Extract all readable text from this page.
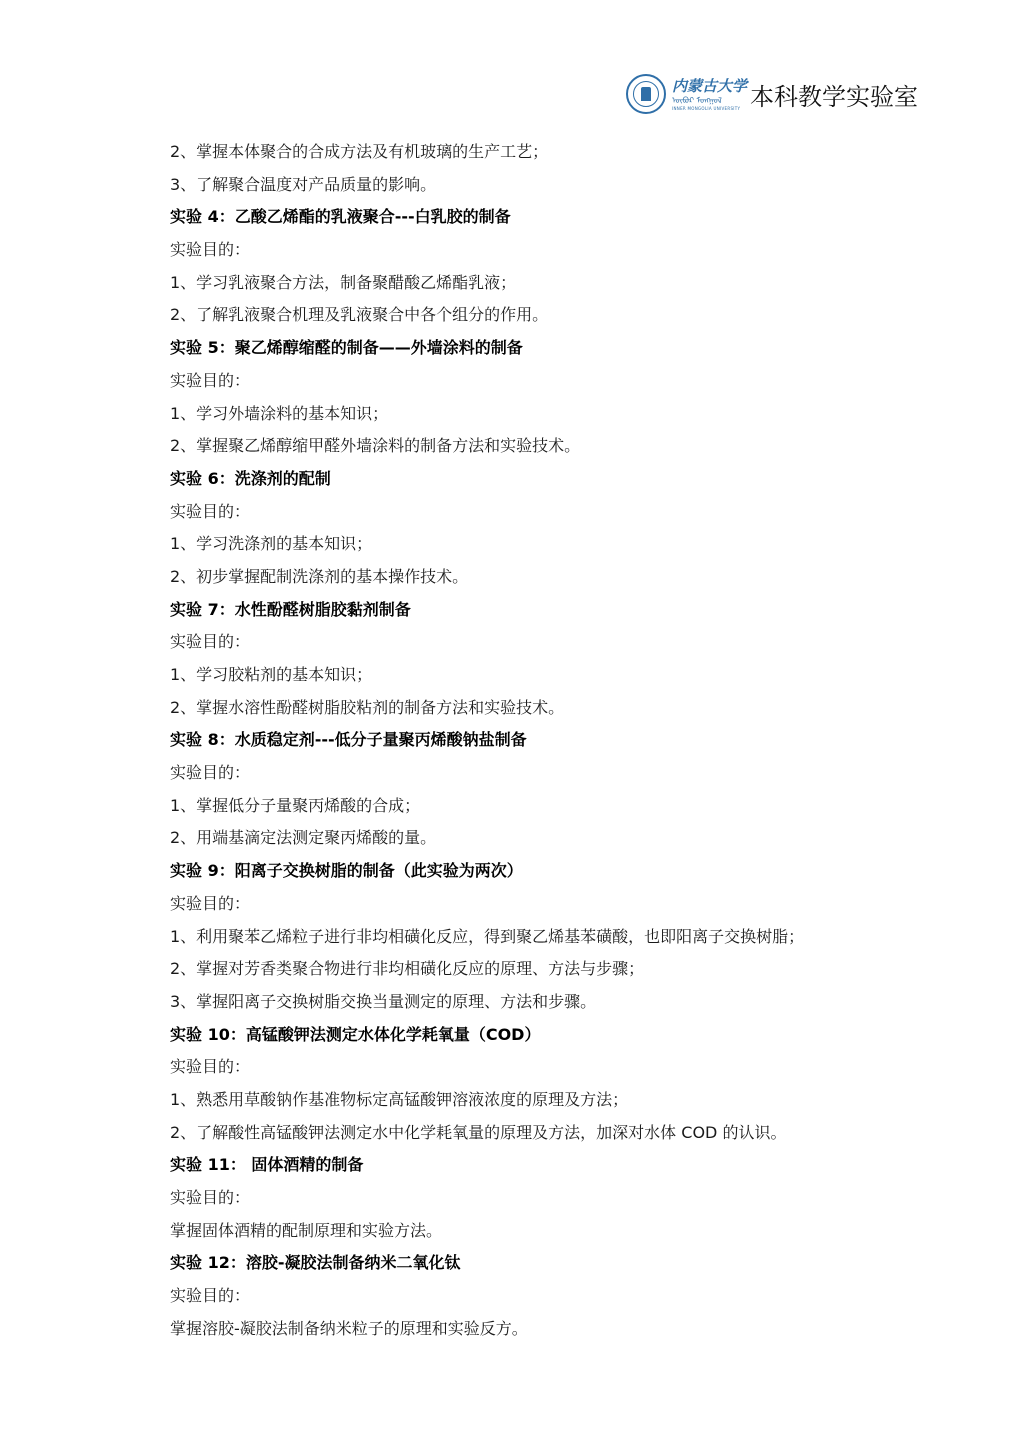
内蒙古大学
ᠦᠪᠦᠷ ᠮᠣᠩᠭᠣᠯ
INNER MONGOLIA UNIVERSITY 本科教学实验室
2、掌握本体聚合的合成方法及有机玻璃的生产工艺；
3、了解聚合温度对产品质量的影响。
实验 4：乙酸乙烯酯的乳液聚合---白乳胶的制备
实验目的：
1、学习乳液聚合方法，制备聚醋酸乙烯酯乳液；
2、了解乳液聚合机理及乳液聚合中各个组分的作用。
实验 5：聚乙烯醇缩醛的制备——外墙涂料的制备
实验目的：
1、学习外墙涂料的基本知识；
2、掌握聚乙烯醇缩甲醛外墙涂料的制备方法和实验技术。
实验 6：洗涤剂的配制
实验目的：
1、学习洗涤剂的基本知识；
2、初步掌握配制洗涤剂的基本操作技术。
实验 7：水性酚醛树脂胶黏剂制备
实验目的：
1、学习胶粘剂的基本知识；
2、掌握水溶性酚醛树脂胶粘剂的制备方法和实验技术。
实验 8：水质稳定剂---低分子量聚丙烯酸钠盐制备
实验目的：
1、掌握低分子量聚丙烯酸的合成；
2、用端基滴定法测定聚丙烯酸的量。
实验 9：阳离子交换树脂的制备（此实验为两次）
实验目的：
1、利用聚苯乙烯粒子进行非均相磺化反应，得到聚乙烯基苯磺酸，也即阳离子交换树脂；
2、掌握对芳香类聚合物进行非均相磺化反应的原理、方法与步骤；
3、掌握阳离子交换树脂交换当量测定的原理、方法和步骤。
实验 10：高锰酸钾法测定水体化学耗氧量（COD）
实验目的：
1、熟悉用草酸钠作基准物标定高锰酸钾溶液浓度的原理及方法；
2、了解酸性高锰酸钾法测定水中化学耗氧量的原理及方法，加深对水体 COD 的认识。
实验 11： 固体酒精的制备
实验目的：
掌握固体酒精的配制原理和实验方法。
实验 12：溶胶-凝胶法制备纳米二氧化钛
实验目的：
掌握溶胶-凝胶法制备纳米粒子的原理和实验反方。
